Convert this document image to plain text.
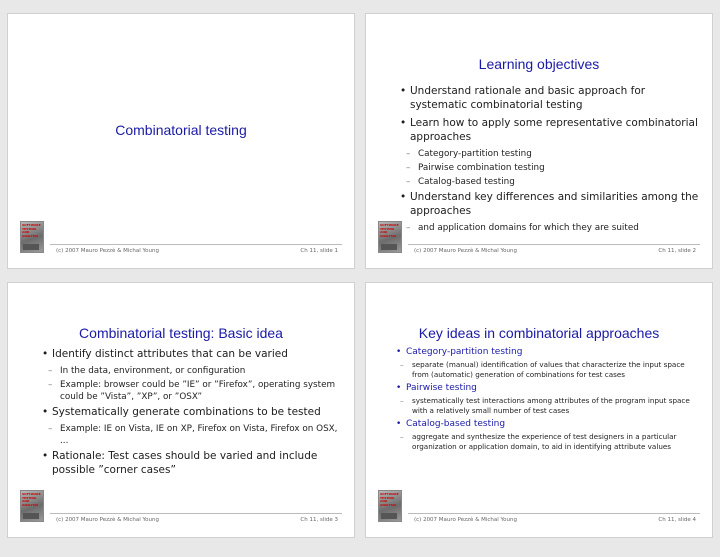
Combinatorial testing
SOFTWARE TESTING AND ANALYSIS
(c) 2007 Mauro Pezzè & Michal Young	Ch 11, slide 1
Learning objectives
• Understand rationale and basic approach for systematic combinatorial testing
• Learn how to apply some representative combinatorial approaches
– Category-partition testing
– Pairwise combination testing
– Catalog-based testing
• Understand key differences and similarities among the approaches
– and application domains for which they are suited
SOFTWARE TESTING AND ANALYSIS
(c) 2007 Mauro Pezzè & Michal Young	Ch 11, slide 2
Combinatorial testing: Basic idea
• Identify distinct attributes that can be varied
– In the data, environment, or configuration
– Example: browser could be ”IE” or ”Firefox”, operating system could be ”Vista”, ”XP”, or ”OSX”
• Systematically generate combinations to be tested
– Example: IE on Vista, IE on XP, Firefox on Vista, Firefox on OSX, ...
• Rationale: Test cases should be varied and include possible ”corner cases”
SOFTWARE TESTING AND ANALYSIS
(c) 2007 Mauro Pezzè & Michal Young	Ch 11, slide 3
Key ideas in combinatorial approaches
• Category-partition testing
– separate (manual) identification of values that characterize the input space from (automatic) generation of combinations for test cases
• Pairwise testing
– systematically test interactions among attributes of the program input space with a relatively small number of test cases
• Catalog-based testing
– aggregate and synthesize the experience of test designers in a particular organization or application domain, to aid in identifying attribute values
SOFTWARE TESTING AND ANALYSIS
(c) 2007 Mauro Pezzè & Michal Young	Ch 11, slide 4
